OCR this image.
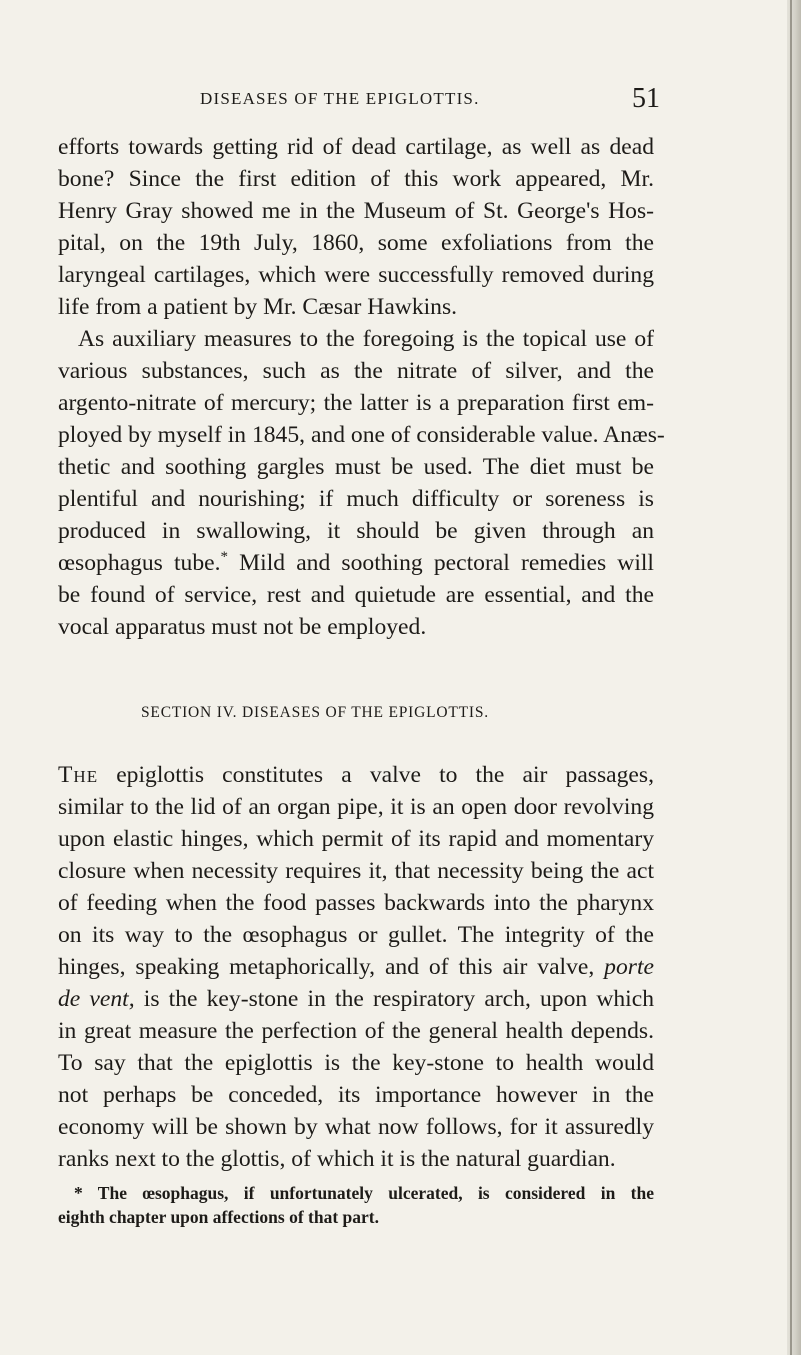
DISEASES OF THE EPIGLOTTIS.	51
efforts towards getting rid of dead cartilage, as well as dead
bone? Since the first edition of this work appeared, Mr.
Henry Gray showed me in the Museum of St. George's Hos-
pital, on the 19th July, 1860, some exfoliations from the
laryngeal cartilages, which were successfully removed during
life from a patient by Mr. Cæsar Hawkins.
As auxiliary measures to the foregoing is the topical use of
various substances, such as the nitrate of silver, and the
argento-nitrate of mercury; the latter is a preparation first em-
ployed by myself in 1845, and one of considerable value. Anæs-
thetic and soothing gargles must be used. The diet must be
plentiful and nourishing; if much difficulty or soreness is
produced in swallowing, it should be given through an
œsophagus tube.* Mild and soothing pectoral remedies will
be found of service, rest and quietude are essential, and the
vocal apparatus must not be employed.
SECTION IV. DISEASES OF THE EPIGLOTTIS.
The epiglottis constitutes a valve to the air passages,
similar to the lid of an organ pipe, it is an open door revolving
upon elastic hinges, which permit of its rapid and momentary
closure when necessity requires it, that necessity being the act
of feeding when the food passes backwards into the pharynx
on its way to the œsophagus or gullet. The integrity of the
hinges, speaking metaphorically, and of this air valve, porte
de vent, is the key-stone in the respiratory arch, upon which
in great measure the perfection of the general health depends.
To say that the epiglottis is the key-stone to health would
not perhaps be conceded, its importance however in the
economy will be shown by what now follows, for it assuredly
ranks next to the glottis, of which it is the natural guardian.
* The œsophagus, if unfortunately ulcerated, is considered in the
eighth chapter upon affections of that part.
